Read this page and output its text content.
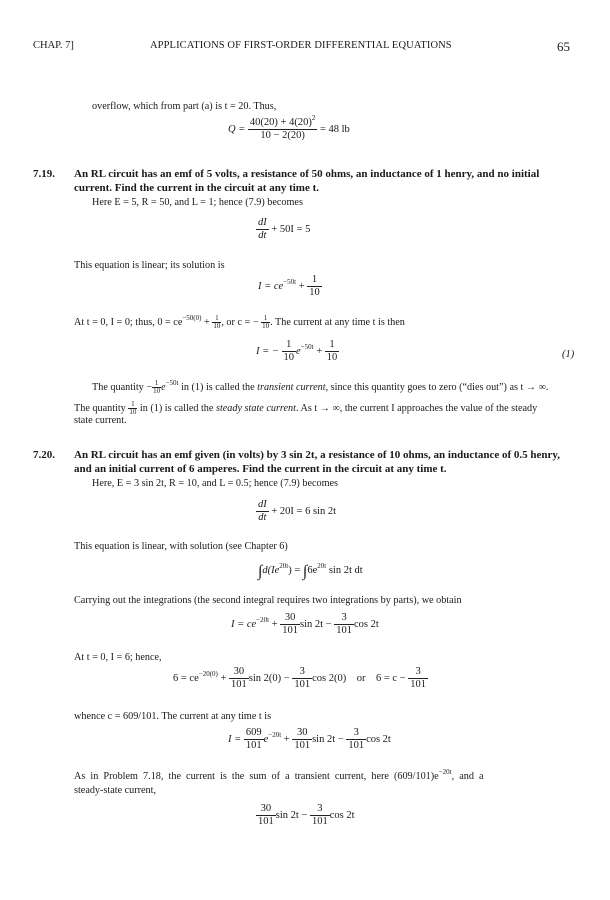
CHAP. 7]	APPLICATIONS OF FIRST-ORDER DIFFERENTIAL EQUATIONS	65
overflow, which from part (a) is t = 20. Thus,
$Q = \frac{40(20) + 4(20)^2}{10 - 2(20)} = 48$ lb
7.19. An RL circuit has an emf of 5 volts, a resistance of 50 ohms, an inductance of 1 henry, and no initial
current. Find the current in the circuit at any time t.
Here E = 5, R = 50, and L = 1; hence (7.9) becomes
$\frac{dI}{dt} + 50I = 5$
This equation is linear; its solution is
$I = ce^{-50t} + \frac{1}{10}$
At t = 0, I = 0; thus, $0 = ce^{-50(0)} + \frac{1}{10}$ , or c = − $\frac{1}{10}$ . The current at any time t is then
I = − $\frac{1}{10} e^{-50t} + \frac{1}{10}$	(1)
The quantity − $\frac{1}{10} e^{-50t}$ in (1) is called the transient current, since this quantity goes to zero (“dies out”) as t → ∞.
The quantity $\frac{1}{10}$ in (1) is called the steady state current. As t → ∞, the current I approaches the value of the steady
state current.
7.20. An RL circuit has an emf given (in volts) by 3 sin 2t, a resistance of 10 ohms, an inductance of 0.5 henry,
and an initial current of 6 amperes. Find the current in the circuit at any time t.
Here, E = 3 sin 2t, R = 10, and L = 0.5; hence (7.9) becomes
$\frac{dI}{dt} + 20I = 6$ sin 2t
This equation is linear, with solution (see Chapter 6)
$\int d(Ie^{20t}) = \int 6e^{20t}$ sin 2t dt
Carrying out the integrations (the second integral requires two integrations by parts), we obtain
$I = ce^{-20t} + \frac{30}{101}$ $\sin 2t - \frac{3}{101}$ cos 2t
At t = 0, I = 6; hence,
$6 = ce^{-20(0)} + \frac{30}{101}$ $\sin 2(0) - \frac{3}{101}$ cos 2(0)    or    $6 = c - \frac{3}{101}$
whence c = 609/101. The current at any time t is
$I = \frac{609}{101} e^{-20t} + \frac{30}{101}$ $\sin 2t - \frac{3}{101}$ cos 2t
As  in  Problem  7.18,  the  current  is  the  sum  of  a  transient  current,  here  $(609/101)e^{-20t}$,  and  a
steady-state current,
$\frac{30}{101}$ $\sin 2t - \frac{3}{101}$ cos 2t
